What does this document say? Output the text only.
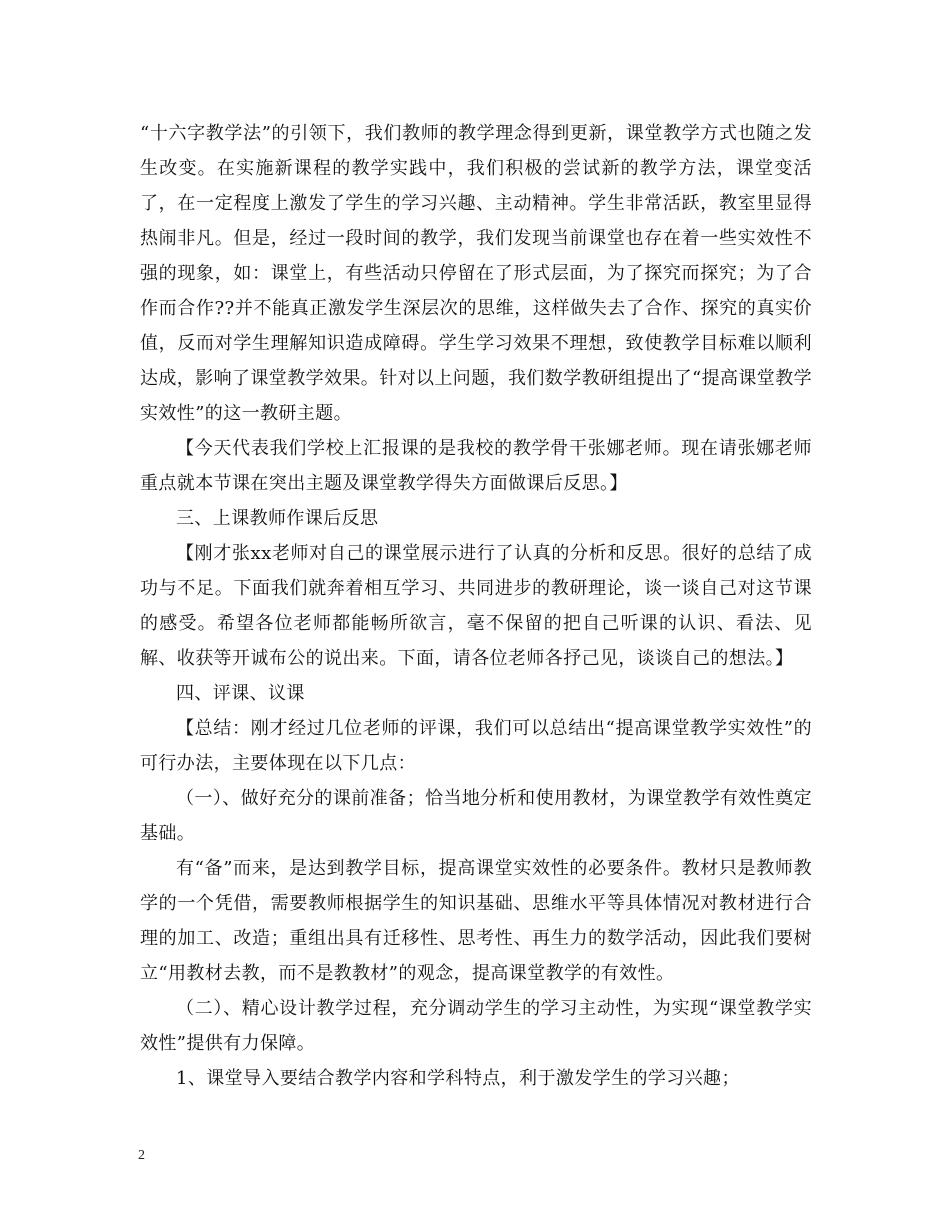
“十六字教学法”的引领下，我们教师的教学理念得到更新，课堂教学方式也随之发生改变。在实施新课程的教学实践中，我们积极的尝试新的教学方法，课堂变活了，在一定程度上激发了学生的学习兴趣、主动精神。学生非常活跃，教室里显得热闹非凡。但是，经过一段时间的教学，我们发现当前课堂也存在着一些实效性不强的现象，如：课堂上，有些活动只停留在了形式层面，为了探究而探究；为了合作而合作??并不能真正激发学生深层次的思维，这样做失去了合作、探究的真实价值，反而对学生理解知识造成障碍。学生学习效果不理想，致使教学目标难以顺利达成，影响了课堂教学效果。针对以上问题，我们数学教研组提出了“提高课堂教学实效性”的这一教研主题。

【今天代表我们学校上汇报课的是我校的教学骨干张娜老师。现在请张娜老师重点就本节课在突出主题及课堂教学得失方面做课后反思。】

三、上课教师作课后反思

【刚才张xx老师对自己的课堂展示进行了认真的分析和反思。很好的总结了成功与不足。下面我们就奔着相互学习、共同进步的教研理论，谈一谈自己对这节课的感受。希望各位老师都能畅所欲言，毫不保留的把自己听课的认识、看法、见解、收获等开诚布公的说出来。下面，请各位老师各抒己见，谈谈自己的想法。】

四、评课、议课

【总结：刚才经过几位老师的评课，我们可以总结出“提高课堂教学实效性”的可行办法，主要体现在以下几点：

（一）、做好充分的课前准备；恰当地分析和使用教材，为课堂教学有效性奠定基础。

有“备”而来，是达到教学目标，提高课堂实效性的必要条件。教材只是教师教学的一个凭借，需要教师根据学生的知识基础、思维水平等具体情况对教材进行合理的加工、改造；重组出具有迁移性、思考性、再生力的数学活动，因此我们要树立“用教材去教，而不是教教材”的观念，提高课堂教学的有效性。

（二）、精心设计教学过程，充分调动学生的学习主动性，为实现“课堂教学实效性”提供有力保障。

1、课堂导入要结合教学内容和学科特点，利于激发学生的学习兴趣；

2
